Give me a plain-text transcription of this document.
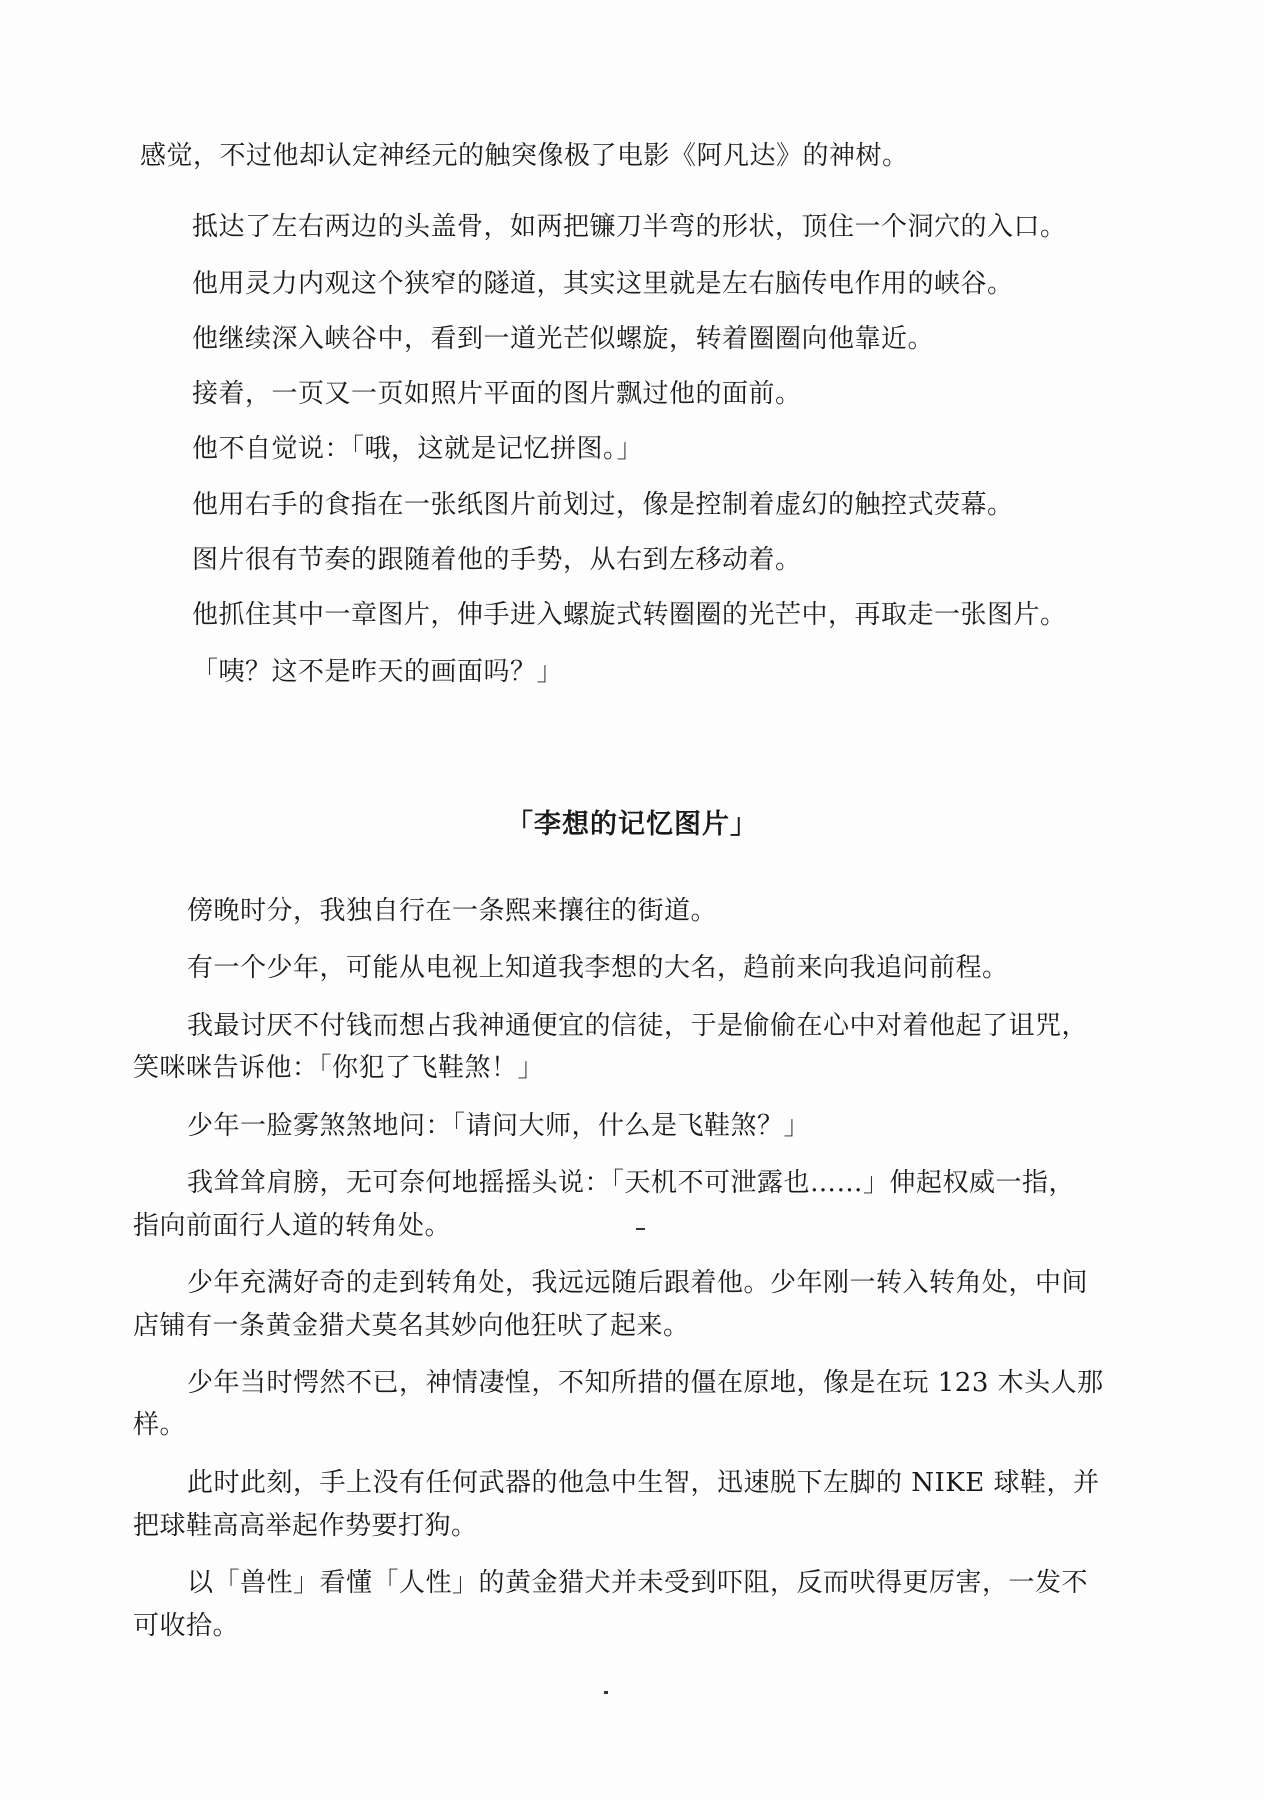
感觉，不过他却认定神经元的触突像极了电影《阿凡达》的神树。
抵达了左右两边的头盖骨，如两把镰刀半弯的形状，顶住一个洞穴的入口。
他用灵力内观这个狭窄的隧道，其实这里就是左右脑传电作用的峡谷。
他继续深入峡谷中，看到一道光芒似螺旋，转着圈圈向他靠近。
接着，一页又一页如照片平面的图片飘过他的面前。
他不自觉说：「哦，这就是记忆拼图。」
他用右手的食指在一张纸图片前划过，像是控制着虚幻的触控式荧幕。
图片很有节奏的跟随着他的手势，从右到左移动着。
他抓住其中一章图片，伸手进入螺旋式转圈圈的光芒中，再取走一张图片。
「咦？这不是昨天的画面吗？」
「李想的记忆图片」
傍晚时分，我独自行在一条熙来攘往的街道。
有一个少年，可能从电视上知道我李想的大名，趋前来向我追问前程。
我最讨厌不付钱而想占我神通便宜的信徒，于是偷偷在心中对着他起了诅咒，
笑咪咪告诉他：「你犯了飞鞋煞！」
少年一脸雾煞煞地问：「请问大师，什么是飞鞋煞？」
我耸耸肩膀，无可奈何地摇摇头说：「天机不可泄露也……」伸起权威一指，
指向前面行人道的转角处。
少年充满好奇的走到转角处，我远远随后跟着他。少年刚一转入转角处，中间
店铺有一条黄金猎犬莫名其妙向他狂吠了起来。
少年当时愕然不已，神情凄惶，不知所措的僵在原地，像是在玩 123 木头人那
样。
此时此刻，手上没有任何武器的他急中生智，迅速脱下左脚的 NIKE 球鞋，并
把球鞋高高举起作势要打狗。
以「兽性」看懂「人性」的黄金猎犬并未受到吓阻，反而吠得更厉害，一发不
可收拾。
